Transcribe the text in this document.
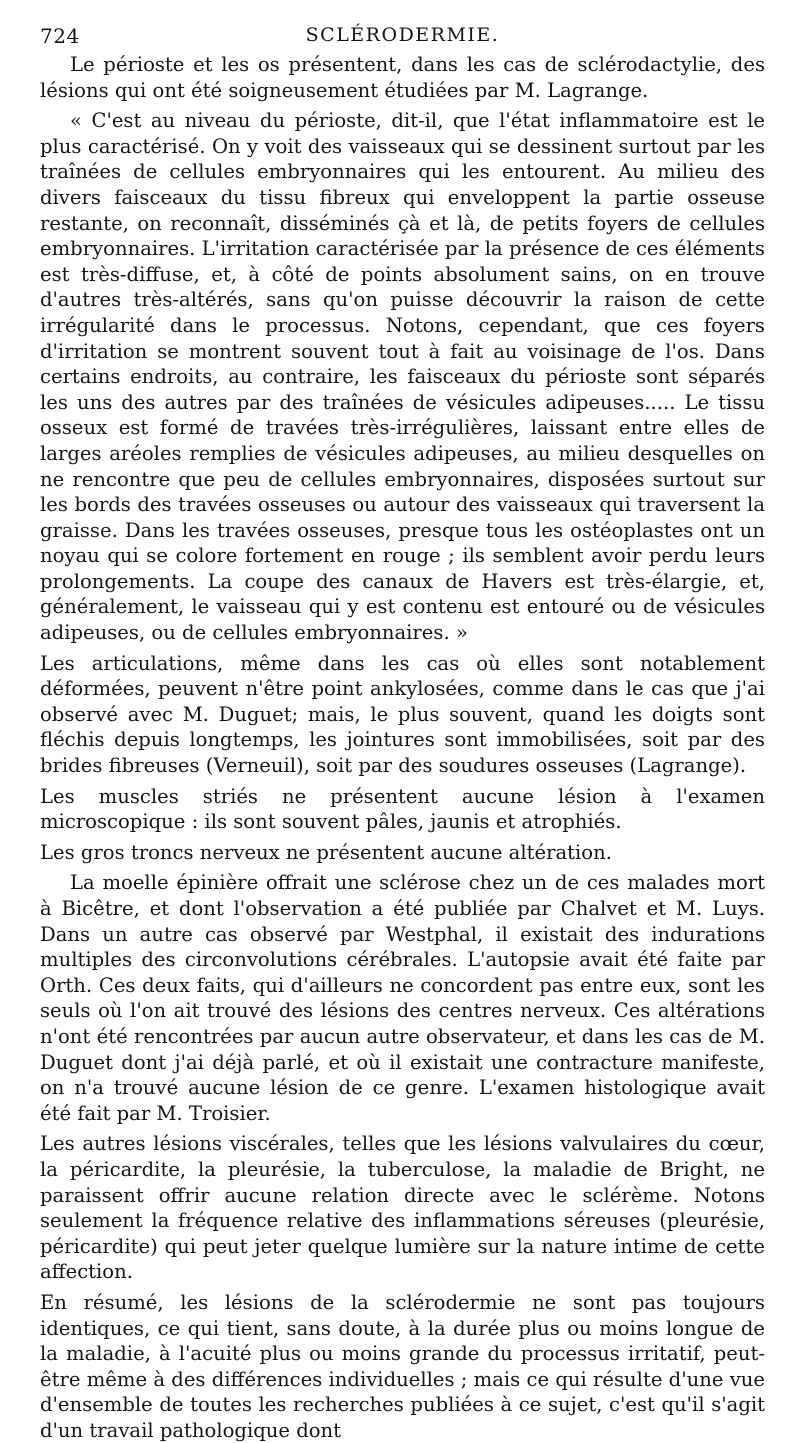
724	SCLÉRODERMIE.

Le périoste et les os présentent, dans les cas de sclérodactylie, des lésions qui ont été soigneusement étudiées par M. Lagrange.

« C'est au niveau du périoste, dit-il, que l'état inflammatoire est le plus caractérisé. On y voit des vaisseaux qui se dessinent surtout par les traînées de cellules embryonnaires qui les entourent. Au milieu des divers faisceaux du tissu fibreux qui enveloppent la partie osseuse restante, on reconnaît, disséminés çà et là, de petits foyers de cellules embryonnaires. L'irritation caractérisée par la présence de ces éléments est très-diffuse, et, à côté de points absolument sains, on en trouve d'autres très-altérés, sans qu'on puisse découvrir la raison de cette irrégularité dans le processus. Notons, cependant, que ces foyers d'irritation se montrent souvent tout à fait au voisinage de l'os. Dans certains endroits, au contraire, les faisceaux du périoste sont séparés les uns des autres par des traînées de vésicules adipeuses..... Le tissu osseux est formé de travées très-irrégulières, laissant entre elles de larges aréoles remplies de vésicules adipeuses, au milieu desquelles on ne rencontre que peu de cellules embryonnaires, disposées surtout sur les bords des travées osseuses ou autour des vaisseaux qui traversent la graisse. Dans les travées osseuses, presque tous les ostéoplastes ont un noyau qui se colore fortement en rouge ; ils semblent avoir perdu leurs prolongements. La coupe des canaux de Havers est très-élargie, et, généralement, le vaisseau qui y est contenu est entouré ou de vésicules adipeuses, ou de cellules embryonnaires. »

Les articulations, même dans les cas où elles sont notablement déformées, peuvent n'être point ankylosées, comme dans le cas que j'ai observé avec M. Duguet; mais, le plus souvent, quand les doigts sont fléchis depuis longtemps, les jointures sont immobilisées, soit par des brides fibreuses (Verneuil), soit par des soudures osseuses (Lagrange).

Les muscles striés ne présentent aucune lésion à l'examen microscopique : ils sont souvent pâles, jaunis et atrophiés.

Les gros troncs nerveux ne présentent aucune altération.

La moelle épinière offrait une sclérose chez un de ces malades mort à Bicêtre, et dont l'observation a été publiée par Chalvet et M. Luys. Dans un autre cas observé par Westphal, il existait des indurations multiples des circonvolutions cérébrales. L'autopsie avait été faite par Orth. Ces deux faits, qui d'ailleurs ne concordent pas entre eux, sont les seuls où l'on ait trouvé des lésions des centres nerveux. Ces altérations n'ont été rencontrées par aucun autre observateur, et dans les cas de M. Duguet dont j'ai déjà parlé, et où il existait une contracture manifeste, on n'a trouvé aucune lésion de ce genre. L'examen histologique avait été fait par M. Troisier.

Les autres lésions viscérales, telles que les lésions valvulaires du cœur, la péricardite, la pleurésie, la tuberculose, la maladie de Bright, ne paraissent offrir aucune relation directe avec le sclérème. Notons seulement la fréquence relative des inflammations séreuses (pleurésie, péricardite) qui peut jeter quelque lumière sur la nature intime de cette affection.

En résumé, les lésions de la sclérodermie ne sont pas toujours identiques, ce qui tient, sans doute, à la durée plus ou moins longue de la maladie, à l'acuité plus ou moins grande du processus irritatif, peut-être même à des différences individuelles ; mais ce qui résulte d'une vue d'ensemble de toutes les recherches publiées à ce sujet, c'est qu'il s'agit d'un travail pathologique dont
